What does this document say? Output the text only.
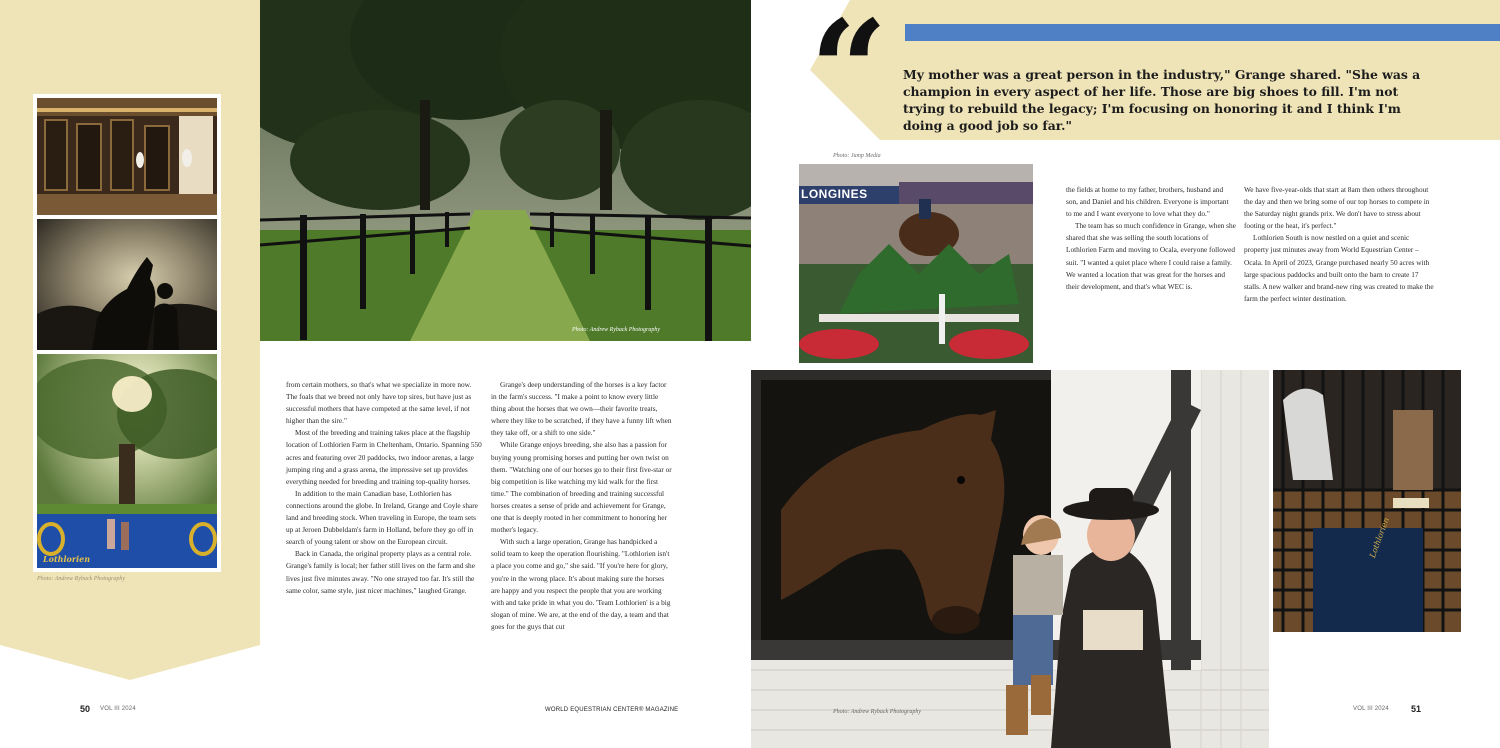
Lothlorien
Photo: Andrew Ryback Photography
Photo: Andrew Ryback Photography

from certain mothers, so that's what we specialize in more now. The foals that we breed not only have top sires, but have just as successful mothers that have competed at the same level, if not higher than the sire."

Most of the breeding and training takes place at the flagship location of Lothlorien Farm in Cheltenham, Ontario. Spanning 550 acres and featuring over 20 paddocks, two indoor arenas, a large jumping ring and a grass arena, the impressive set up provides everything needed for breeding and training top-quality horses.

In addition to the main Canadian base, Lothlorien has connections around the globe. In Ireland, Grange and Coyle share land and breeding stock. When traveling in Europe, the team sets up at Jeroen Dubbeldam's farm in Holland, before they go off in search of young talent or show on the European circuit.

Back in Canada, the original property plays as a central role. Grange's family is local; her father still lives on the farm and she lives just five minutes away. "No one strayed too far. It's still the same color, same style, just nicer machines," laughed Grange.

Grange's deep understanding of the horses is a key factor in the farm's success. "I make a point to know every little thing about the horses that we own—their favorite treats, where they like to be scratched, if they have a funny lift when they take off, or a shift to one side."

While Grange enjoys breeding, she also has a passion for buying young promising horses and putting her own twist on them. "Watching one of our horses go to their first five-star or big competition is like watching my kid walk for the first time." The combination of breeding and training successful horses creates a sense of pride and achievement for Grange, one that is deeply rooted in her commitment to honoring her mother's legacy.

With such a large operation, Grange has handpicked a solid team to keep the operation flourishing. "Lothlorien isn't a place you come and go," she said. "If you're here for glory, you're in the wrong place. It's about making sure the horses are happy and you respect the people that you are working with and take pride in what you do. 'Team Lothlorien' is a big slogan of mine. We are, at the end of the day, a team and that goes for the guys that cut

50 VOL III 2024	WORLD EQUESTRIAN CENTER® MAGAZINE
“ My mother was a great person in the industry," Grange shared. "She was a champion in every aspect of her life. Those are big shoes to fill. I'm not trying to rebuild the legacy; I'm focusing on honoring it and I think I'm doing a good job so far."
Photo: Jump Media
LONGINES	the fields at home to my father, brothers, husband and son, and Daniel and his children. Everyone is important to me and I want everyone to love what they do."

The team has so much confidence in Grange, when she shared that she was selling the south locations of Lothlorien Farm and moving to Ocala, everyone followed suit. "I wanted a quiet place where I could raise a family. We wanted a location that was great for the horses and their development, and that's what WEC is.

We have five-year-olds that start at 8am then others throughout the day and then we bring some of our top horses to compete in the Saturday night grands prix. We don't have to stress about footing or the heat, it's perfect."

Lothlorien South is now nestled on a quiet and scenic property just minutes away from World Equestrian Center – Ocala. In April of 2023, Grange purchased nearly 50 acres with large spacious paddocks and built onto the barn to create 17 stalls. A new walker and brand-new ring was created to make the farm the perfect winter destination.

Photo: Andrew Ryback Photography
Lothlorien
VOL III 2024 51
